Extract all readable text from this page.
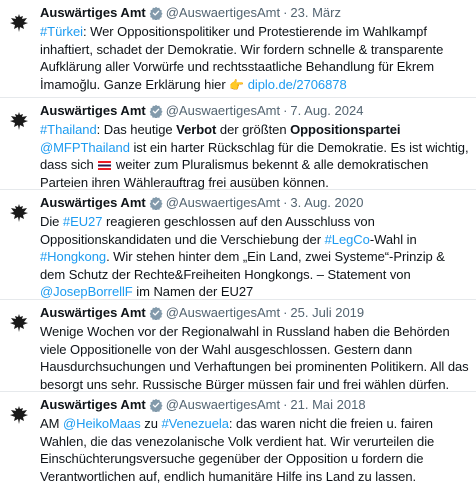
Auswärtiges Amt @AuswaertigesAmt · 23. März
#Türkei: Wer Oppositionspolitiker und Protestierende im Wahlkampf inhaftiert, schadet der Demokratie. Wir fordern schnelle & transparente Aufklärung aller Vorwürfe und rechtsstaatliche Behandlung für Ekrem İmamoğlu. Ganze Erklärung hier 👉 diplo.de/2706878
Auswärtiges Amt @AuswaertigesAmt · 7. Aug. 2024
#Thailand: Das heutige Verbot der größten Oppositionspartei @MFPThailand ist ein harter Rückschlag für die Demokratie. Es ist wichtig, dass sich  weiter zum Pluralismus bekennt & alle demokratischen Parteien ihren Wählerauftrag frei ausüben können.
Auswärtiges Amt @AuswaertigesAmt · 3. Aug. 2020
Die #EU27 reagieren geschlossen auf den Ausschluss von Oppositionskandidaten und die Verschiebung der #LegCo-Wahl in #Hongkong. Wir stehen hinter dem „Ein Land, zwei Systeme“-Prinzip & dem Schutz der Rechte&Freiheiten Hongkongs. – Statement von @JosepBorrellF im Namen der EU27
Auswärtiges Amt @AuswaertigesAmt · 25. Juli 2019
Wenige Wochen vor der Regionalwahl in Russland haben die Behörden viele Oppositionelle von der Wahl ausgeschlossen. Gestern dann Hausdurchsuchungen und Verhaftungen bei prominenten Politikern. All das besorgt uns sehr. Russische Bürger müssen fair und frei wählen dürfen.
Auswärtiges Amt @AuswaertigesAmt · 21. Mai 2018
AM @HeikoMaas zu #Venezuela: das waren nicht die freien u. fairen Wahlen, die das venezolanische Volk verdient hat. Wir verurteilen die Einschüchterungsversuche gegenüber der Opposition u fordern die Verantwortlichen auf, endlich humanitäre Hilfe ins Land zu lassen.
